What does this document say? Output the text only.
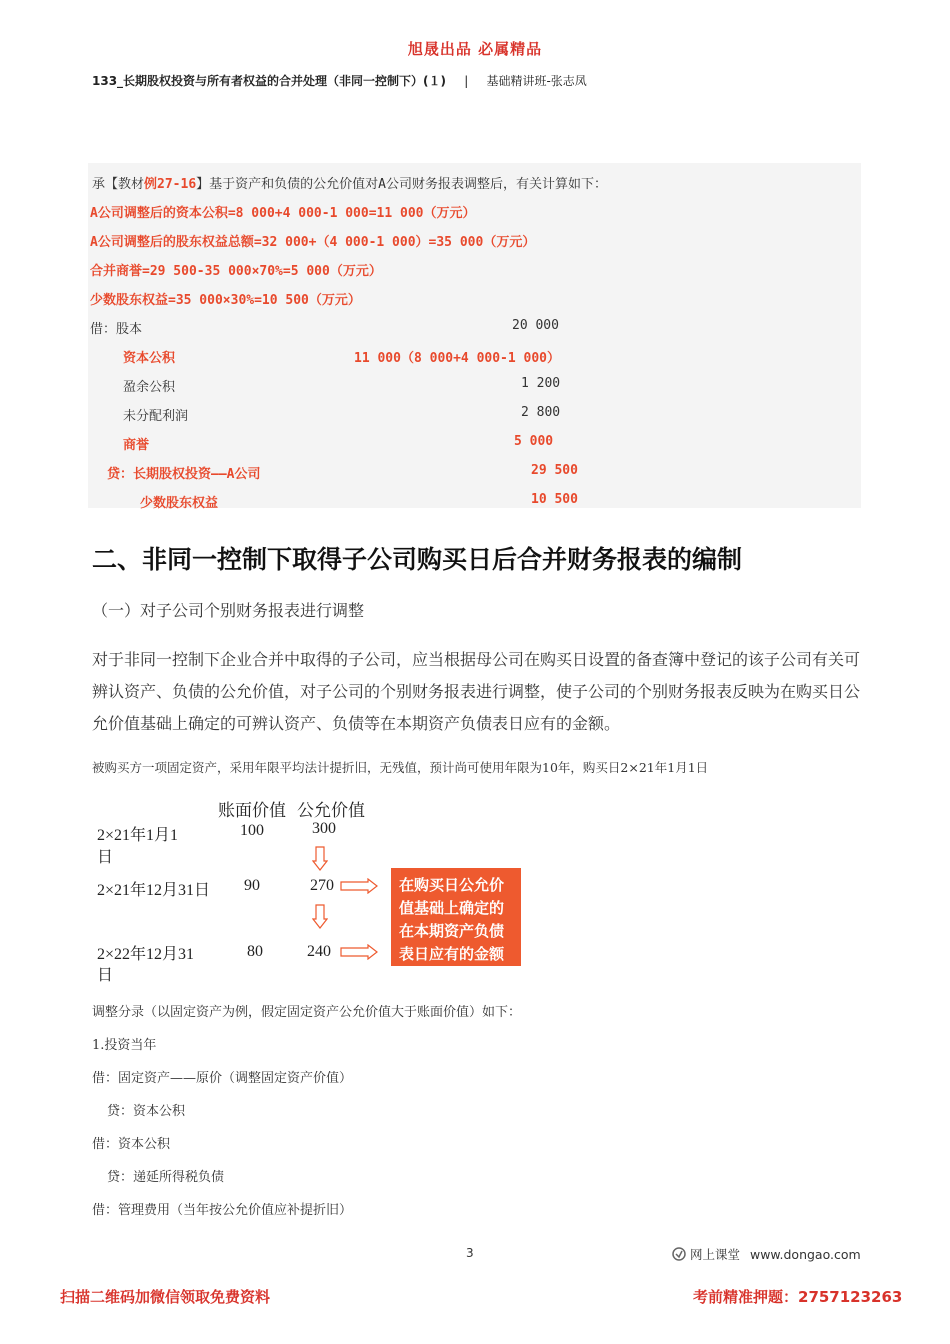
旭晟出品 必属精品
133_长期股权投资与所有者权益的合并处理（非同一控制下）(１) | 基础精讲班-张志凤
承【教材例27-16】基于资产和负债的公允价值对A公司财务报表调整后，有关计算如下：
A公司调整后的资本公积=8 000+4 000-1 000=11 000（万元）
A公司调整后的股东权益总额=32 000+（4 000-1 000）=35 000（万元）
合并商誉=29 500-35 000×70%=5 000（万元）
少数股东权益=35 000×30%=10 500（万元）
借：股本	20 000
资本公积	11 000（8 000+4 000-1 000）
盈余公积	1 200
未分配利润	2 800
商誉	5 000
贷：长期股权投资——A公司	29 500
少数股东权益	10 500
二、非同一控制下取得子公司购买日后合并财务报表的编制
（一）对子公司个别财务报表进行调整
对于非同一控制下企业合并中取得的子公司，应当根据母公司在购买日设置的备查簿中登记的该子公司有关可辨认资产、负债的公允价值，对子公司的个别财务报表进行调整，使子公司的个别财务报表反映为在购买日公允价值基础上确定的可辨认资产、负债等在本期资产负债表日应有的金额。
被购买方一项固定资产，采用年限平均法计提折旧，无残值，预计尚可使用年限为10年，购买日2×21年1月1日
账面价值 公允价值
2×21年1月1
日
100	300
2×21年12月31日 90	270
2×22年12月31
日
80	240
在购买日公允价
值基础上确定的
在本期资产负债
表日应有的金额
调整分录（以固定资产为例，假定固定资产公允价值大于账面价值）如下：
1.投资当年
借：固定资产——原价（调整固定资产价值）
贷：资本公积
借：资本公积
贷：递延所得税负债
借：管理费用（当年按公允价值应补提折旧）
3	网上课堂 www.dongao.com
扫描二维码加微信领取免费资料	考前精准押题：2757123263
